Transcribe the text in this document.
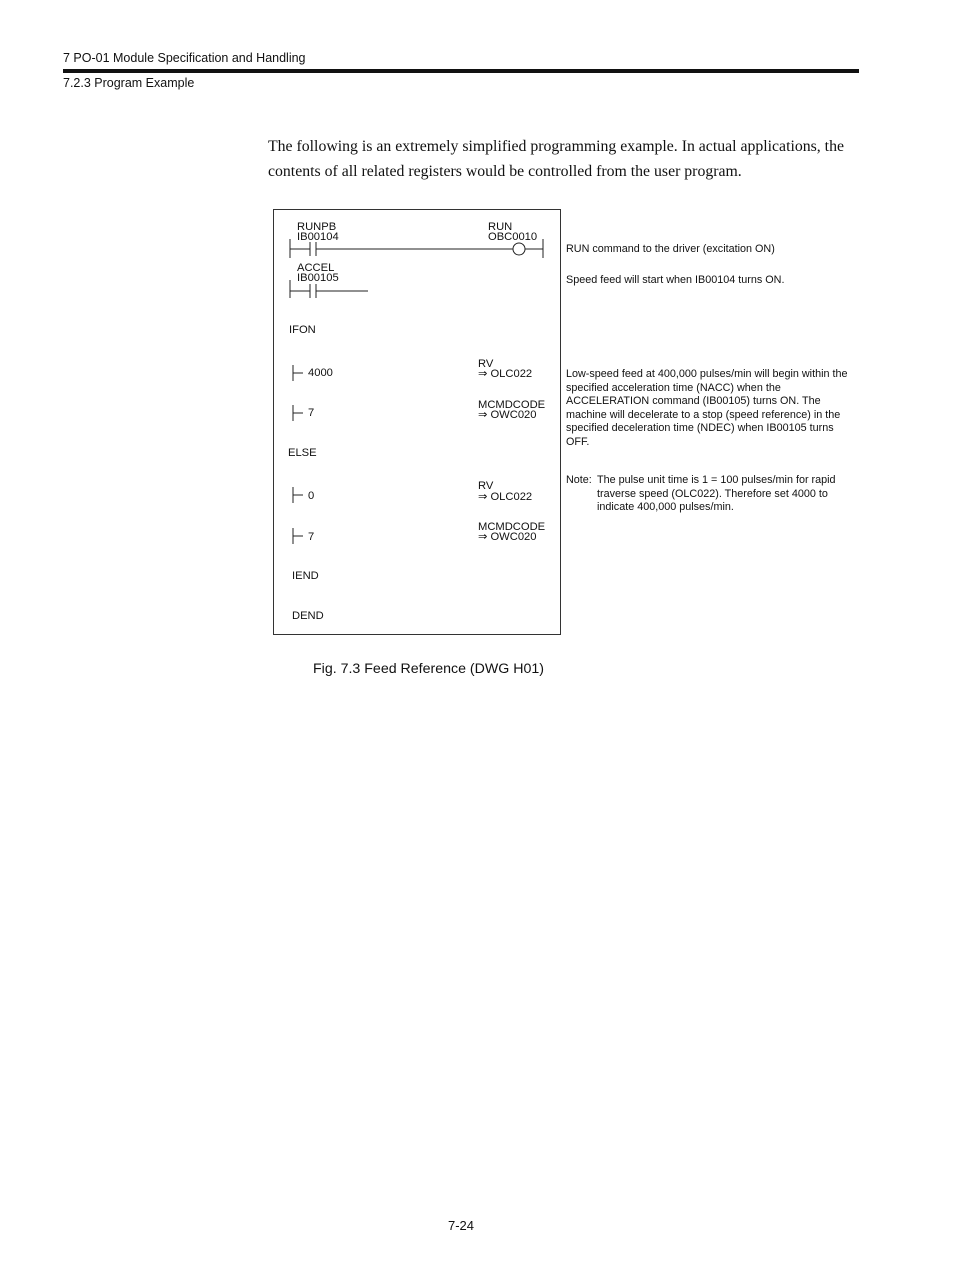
7 PO-01 Module Specification and Handling
7.2.3 Program Example
The following is an extremely simplified programming example. In actual applications, the contents of all related registers would be controlled from the user program.
RUNPB
IB00104
RUN
OBC0010
ACCEL
IB00105
IFON
4000
RV
⇒ OLC022
7
MCMDCODE
⇒ OWC020
ELSE
0
RV
⇒ OLC022
7
MCMDCODE
⇒ OWC020
IEND
DEND
RUN command to the driver (excitation ON)
Speed feed will start when IB00104 turns ON.
Low-speed feed at 400,000 pulses/min will begin within the specified acceleration time (NACC) when the ACCELERATION command (IB00105) turns ON. The machine will decelerate to a stop (speed reference) in the specified deceleration time (NDEC) when IB00105 turns OFF.
Note: The pulse unit time is 1 = 100 pulses/min for rapid traverse speed (OLC022). Therefore set 4000 to indicate 400,000 pulses/min.
Fig. 7.3 Feed Reference (DWG H01)
7-24
